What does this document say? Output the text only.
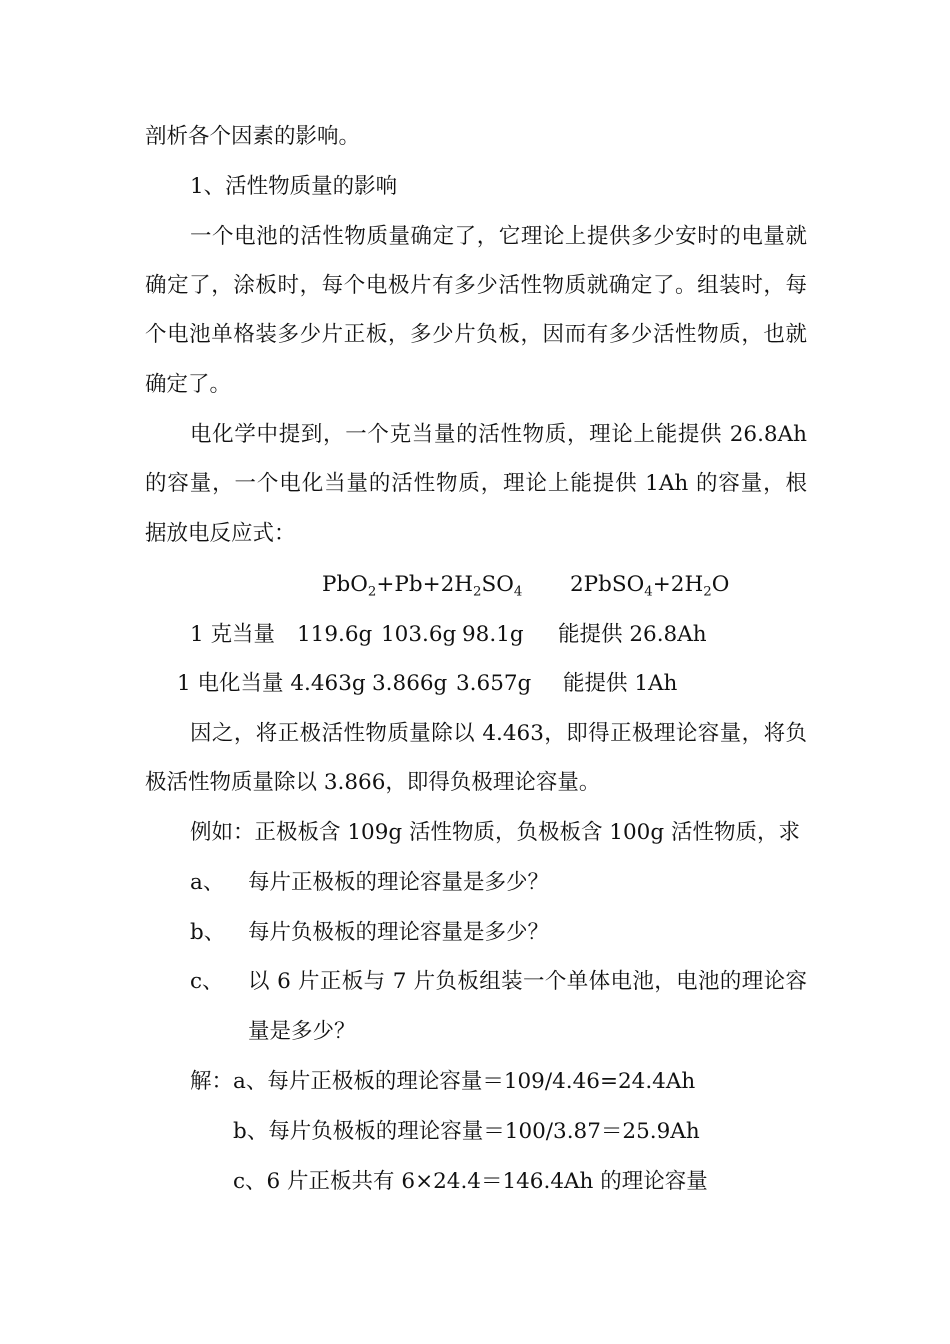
剖析各个因素的影响。
1、活性物质量的影响
一个电池的活性物质量确定了，它理论上提供多少安时的电量就
确定了，涂板时，每个电极片有多少活性物质就确定了。组装时，每
个电池单格装多少片正板，多少片负板，因而有多少活性物质，也就
确定了。
电化学中提到，一个克当量的活性物质，理论上能提供 26.8Ah
的容量，一个电化当量的活性物质，理论上能提供 1Ah 的容量，根
据放电反应式：
$PbO_2+Pb+2H_2SO_4$ $2PbSO_4+2H_2O$
1 克当量 119.6g 103.6g 98.1g 能提供 26.8Ah
1 电化当量 4.463g 3.866g 3.657g 能提供 1Ah
因之，将正极活性物质量除以 4.463，即得正极理论容量，将负
极活性物质量除以 3.866，即得负极理论容量。
例如：正极板含 109g 活性物质，负极板含 100g 活性物质，求
a、 每片正极板的理论容量是多少？
b、 每片负极板的理论容量是多少？
c、 以 6 片正板与 7 片负板组装一个单体电池，电池的理论容
量是多少？
解：a、每片正极板的理论容量＝109/4.46=24.4Ah
b、每片负极板的理论容量＝100/3.87＝25.9Ah
c、6 片正板共有 6×24.4＝146.4Ah 的理论容量
